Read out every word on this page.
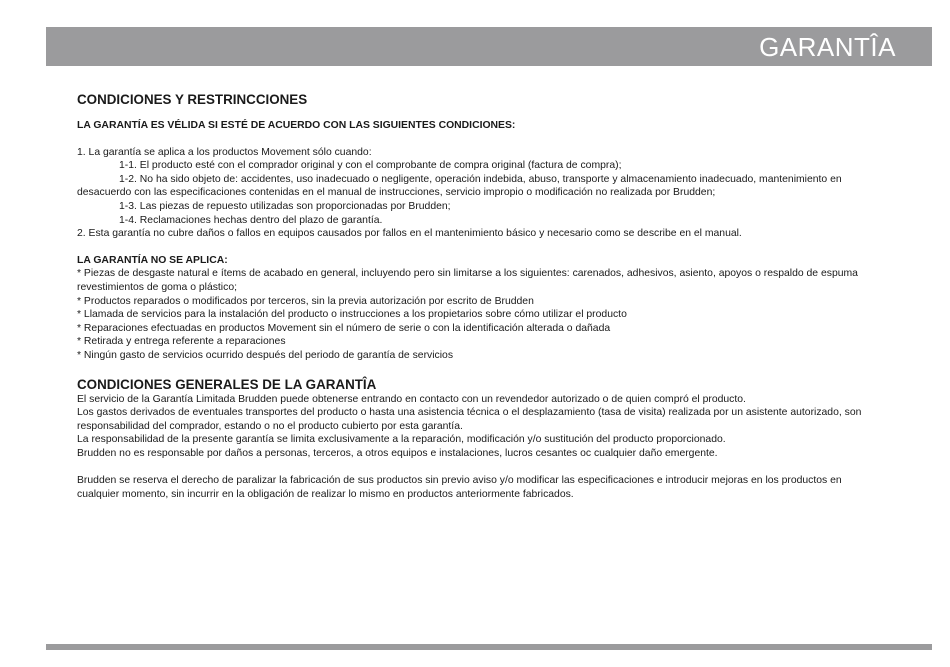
GARANTÎA

CONDICIONES Y RESTRINCCIONES

LA GARANTÍA ES VÉLIDA SI ESTÉ DE ACUERDO CON LAS SIGUIENTES CONDICIONES:

1. La garantía se aplica a los productos Movement sólo cuando:

1-1. El producto esté con el comprador original y con el comprobante de compra original (factura de compra);

1-2. No ha sido objeto de: accidentes, uso inadecuado o negligente, operación indebida, abuso, transporte y almacenamiento inadecuado, mantenimiento en

desacuerdo con las especificaciones contenidas en el manual de instrucciones, servicio impropio o modificación no realizada por Brudden;

1-3. Las piezas de repuesto utilizadas son proporcionadas por Brudden;

1-4. Reclamaciones hechas dentro del plazo de garantía.

2. Esta garantía no cubre daños o fallos en equipos causados por fallos en el mantenimiento básico y necesario como se describe en el manual.

LA GARANTÍA NO SE APLICA:

* Piezas de desgaste natural e ítems de acabado en general, incluyendo pero sin limitarse a los siguientes: carenados, adhesivos, asiento, apoyos o respaldo de espuma

revestimientos de goma o plástico;

* Productos reparados o modificados por terceros, sin la previa autorización por escrito de Brudden

* Llamada de servicios para la instalación del producto o instrucciones a los propietarios sobre cómo utilizar el producto

* Reparaciones efectuadas en productos Movement sin el número de serie o con la identificación alterada o dañada

* Retirada y entrega referente a reparaciones

* Ningún gasto de servicios ocurrido después del periodo de garantía de servicios

CONDICIONES GENERALES DE LA GARANTÎA

El servicio de la Garantía Limitada Brudden puede obtenerse entrando en contacto con un revendedor autorizado o de quien compró el producto.

Los gastos derivados de eventuales transportes del producto o hasta una asistencia técnica o el desplazamiento (tasa de visita) realizada por un asistente autorizado, son

responsabilidad del comprador, estando o no el producto cubierto por esta garantía.

La responsabilidad de la presente garantía se limita exclusivamente a la reparación, modificación y/o sustitución del producto proporcionado.

Brudden no es responsable por daños a personas, terceros, a otros equipos e instalaciones, lucros cesantes oc cualquier daño emergente.

Brudden se reserva el derecho de paralizar la fabricación de sus productos sin previo aviso y/o modificar las especificaciones e introducir mejoras en los productos en

cualquier momento, sin incurrir en la obligación de realizar lo mismo en productos anteriormente fabricados.
